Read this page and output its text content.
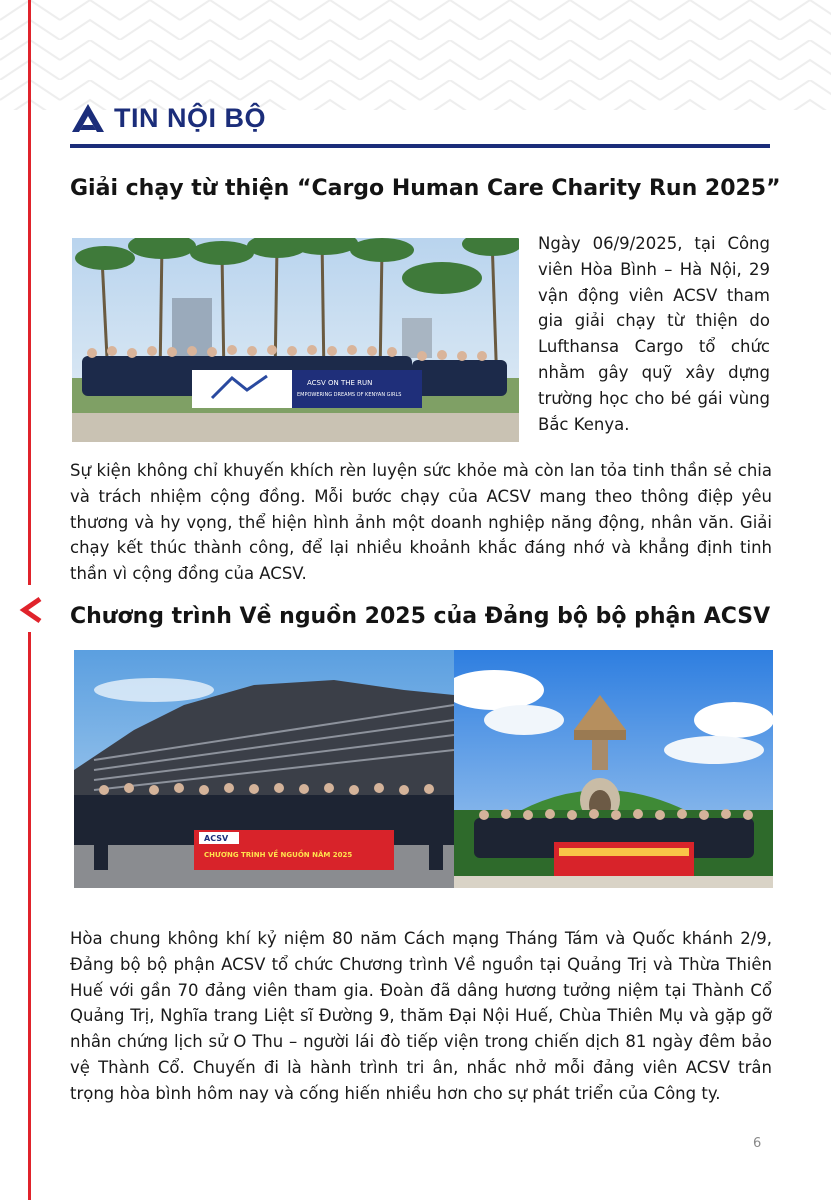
TIN NỘI BỘ
Giải chạy từ thiện “Cargo Human Care Charity Run 2025”
ACSV ON THE RUN
EMPOWERING DREAMS OF KENYAN GIRLS

Ngày 06/9/2025, tại Công viên Hòa Bình – Hà Nội, 29 vận động viên ACSV tham gia giải chạy từ thiện do Lufthansa Cargo tổ chức nhằm gây quỹ xây dựng trường học cho bé gái vùng Bắc Kenya.

Sự kiện không chỉ khuyến khích rèn luyện sức khỏe mà còn lan tỏa tinh thần sẻ chia và trách nhiệm cộng đồng. Mỗi bước chạy của ACSV mang theo thông điệp yêu thương và hy vọng, thể hiện hình ảnh một doanh nghiệp năng động, nhân văn. Giải chạy kết thúc thành công, để lại nhiều khoảnh khắc đáng nhớ và khẳng định tinh thần vì cộng đồng của ACSV.

Chương trình Về nguồn 2025 của Đảng bộ bộ phận ACSV
ACSV
CHƯƠNG TRÌNH VỀ NGUỒN NĂM 2025

Hòa chung không khí kỷ niệm 80 năm Cách mạng Tháng Tám và Quốc khánh 2/9, Đảng bộ bộ phận ACSV tổ chức Chương trình Về nguồn tại Quảng Trị và Thừa Thiên Huế với gần 70 đảng viên tham gia. Đoàn đã dâng hương tưởng niệm tại Thành Cổ Quảng Trị, Nghĩa trang Liệt sĩ Đường 9, thăm Đại Nội Huế, Chùa Thiên Mụ và gặp gỡ nhân chứng lịch sử O Thu – người lái đò tiếp viện trong chiến dịch 81 ngày đêm bảo vệ Thành Cổ. Chuyến đi là hành trình tri ân, nhắc nhở mỗi đảng viên ACSV trân trọng hòa bình hôm nay và cống hiến nhiều hơn cho sự phát triển của Công ty.

6
